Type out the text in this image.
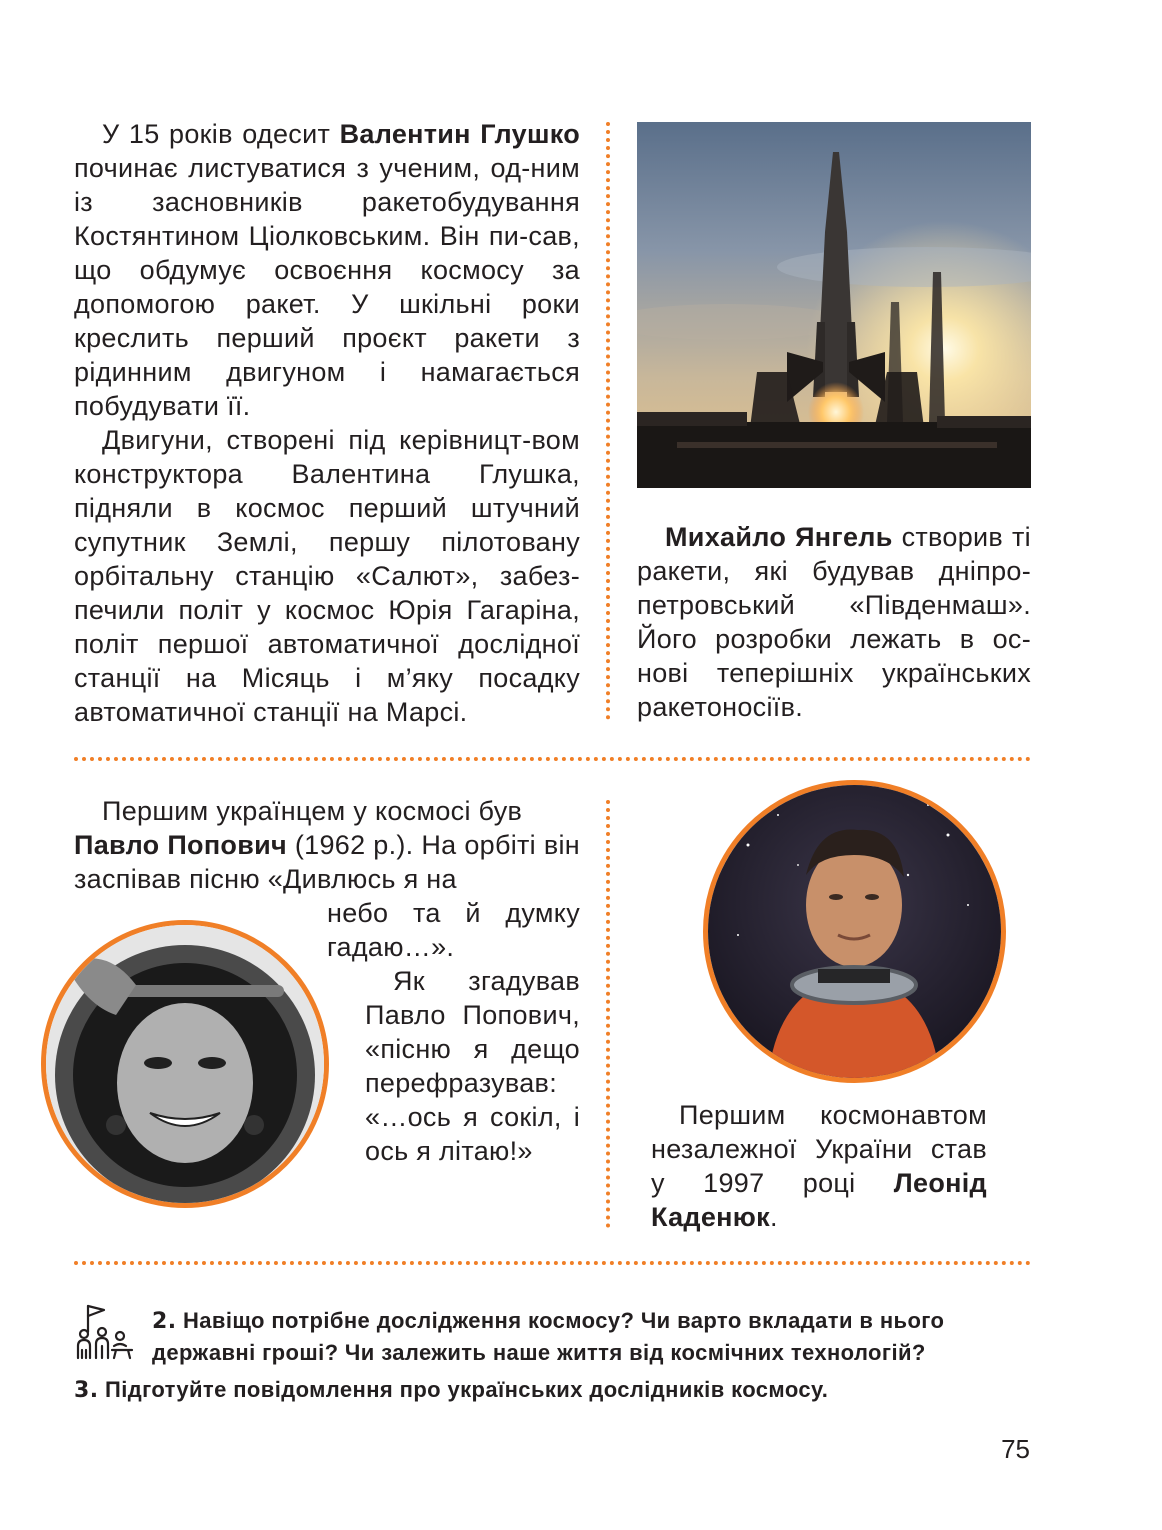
У 15 років одесит Валентин Глушко починає листуватися з ученим, од-ним із засновників ракетобудування Костянтином Ціолковським. Він пи-сав, що обдумує освоєння космосу за допомогою ракет. У шкільні роки креслить перший проєкт ракети з рідинним двигуном і намагається побудувати її.

Двигуни, створені під керівницт-вом конструктора Валентина Глушка, підняли в космос перший штучний супутник Землі, першу пілотовану орбітальну станцію «Салют», забез-печили політ у космос Юрія Гагаріна, політ першої автоматичної дослідної станції на Місяць і м’яку посадку автоматичної станції на Марсі.

Михайло Янгель створив ті ракети, які будував дніпро-петровський «Південмаш». Його розробки лежать в ос-нові теперішніх українських ракетоносіїв.

Першим українцем у космосі був
Павло Попович (1962 р.). На орбіті він заспівав пісню «Дивлюсь я на

небо та й думку гадаю…».

Як згадував Павло Попович, «пісню я дещо перефразував: «…ось я сокіл, і ось я літаю!»

Першим космонавтом незалежної України став у 1997 році Леонід Каденюк.

2. Навіщо потрібне дослідження космосу? Чи варто вкладати в нього державні гроші? Чи залежить наше життя від космічних технологій?
3. Підготуйте повідомлення про українських дослідників космосу.
75
